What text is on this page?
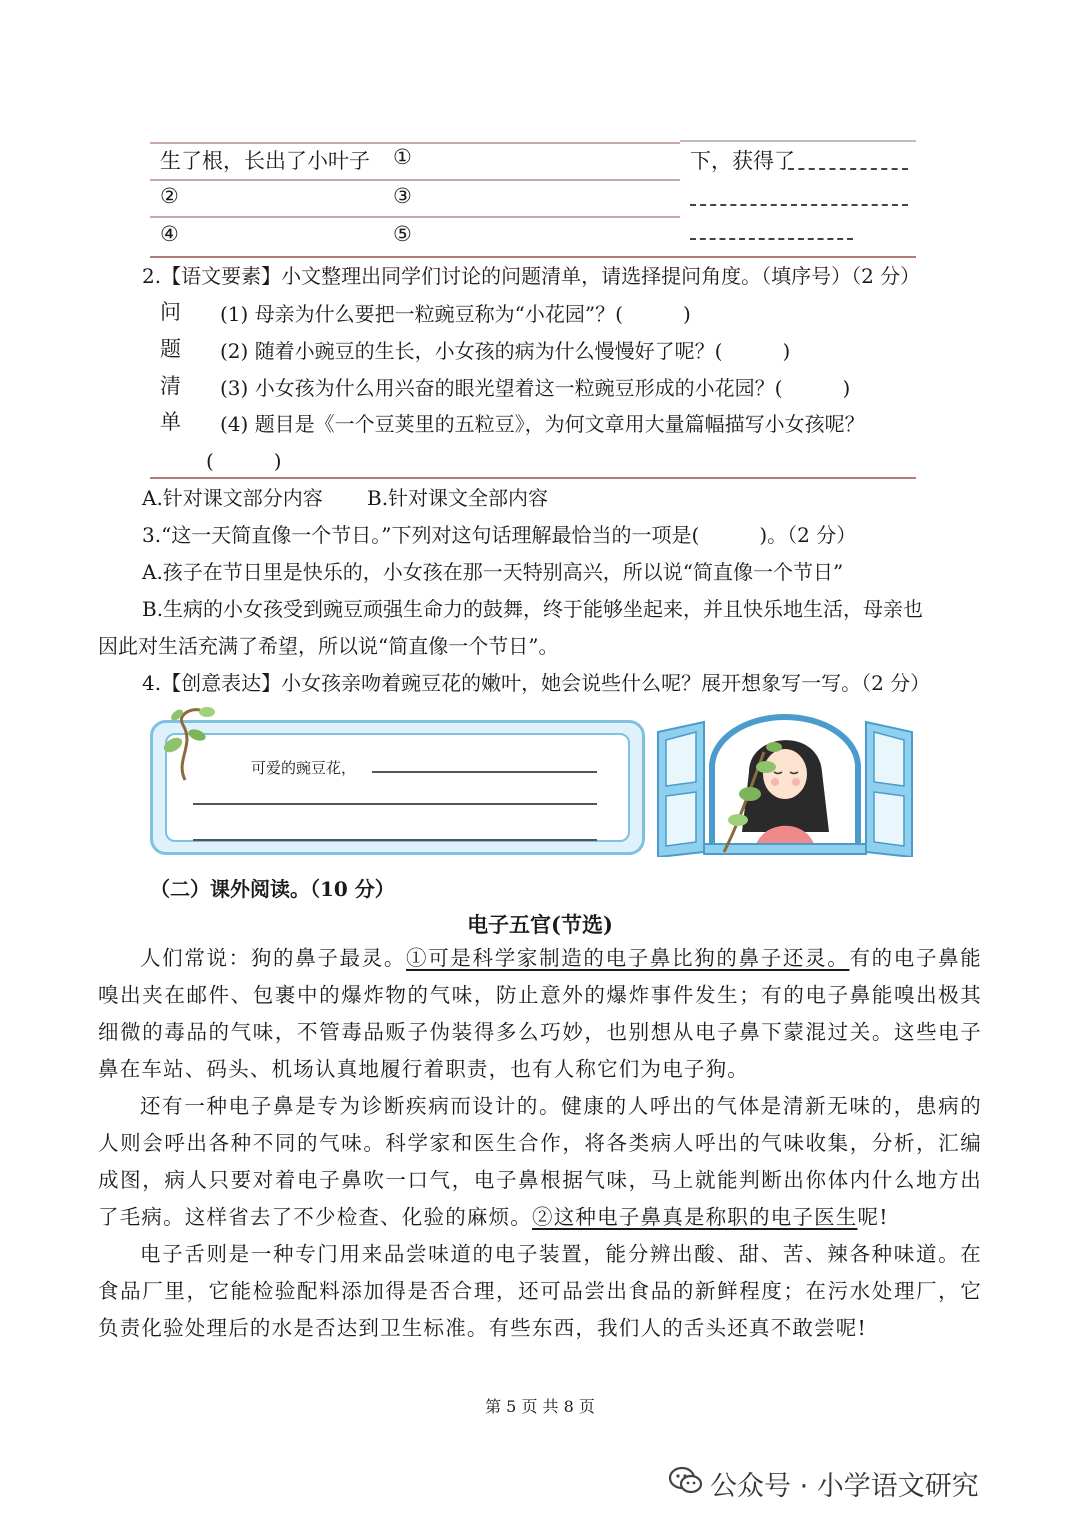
生了根，长出了小叶子 ①	下，获得了
②	③
④	⑤
2.【语文要素】小文整理出同学们讨论的问题清单，请选择提问角度。（填序号）（2 分）
问
题
清
单
(1) 母亲为什么要把一粒豌豆称为“小花园”？(　　　)
(2) 随着小豌豆的生长，小女孩的病为什么慢慢好了呢？(　　　)
(3) 小女孩为什么用兴奋的眼光望着这一粒豌豆形成的小花园？(　　　)
(4) 题目是《一个豆荚里的五粒豆》，为何文章用大量篇幅描写小女孩呢？
(　　　)
A.针对课文部分内容 B.针对课文全部内容
3.“这一天简直像一个节日。”下列对这句话理解最恰当的一项是(　　　)。（2 分）
A.孩子在节日里是快乐的，小女孩在那一天特别高兴，所以说“简直像一个节日”
B.生病的小女孩受到豌豆顽强生命力的鼓舞，终于能够坐起来，并且快乐地生活，母亲也
因此对生活充满了希望，所以说“简直像一个节日”。
4.【创意表达】小女孩亲吻着豌豆花的嫩叶，她会说些什么呢？展开想象写一写。（2 分）
可爱的豌豆花，
（二）课外阅读。（10 分）
电子五官(节选)

人们常说：狗的鼻子最灵。①可是科学家制造的电子鼻比狗的鼻子还灵。有的电子鼻能嗅出夹在邮件、包裹中的爆炸物的气味，防止意外的爆炸事件发生；有的电子鼻能嗅出极其细微的毒品的气味，不管毒品贩子伪装得多么巧妙，也别想从电子鼻下蒙混过关。这些电子鼻在车站、码头、机场认真地履行着职责，也有人称它们为电子狗。

还有一种电子鼻是专为诊断疾病而设计的。健康的人呼出的气体是清新无味的，患病的人则会呼出各种不同的气味。科学家和医生合作，将各类病人呼出的气味收集，分析，汇编成图，病人只要对着电子鼻吹一口气，电子鼻根据气味，马上就能判断出你体内什么地方出了毛病。这样省去了不少检查、化验的麻烦。②这种电子鼻真是称职的电子医生呢!

电子舌则是一种专门用来品尝味道的电子装置，能分辨出酸、甜、苦、辣各种味道。在食品厂里，它能检验配料添加得是否合理，还可品尝出食品的新鲜程度；在污水处理厂，它负责化验处理后的水是否达到卫生标准。有些东西，我们人的舌头还真不敢尝呢!

第 5 页 共 8 页
公众号 · 小学语文研究
